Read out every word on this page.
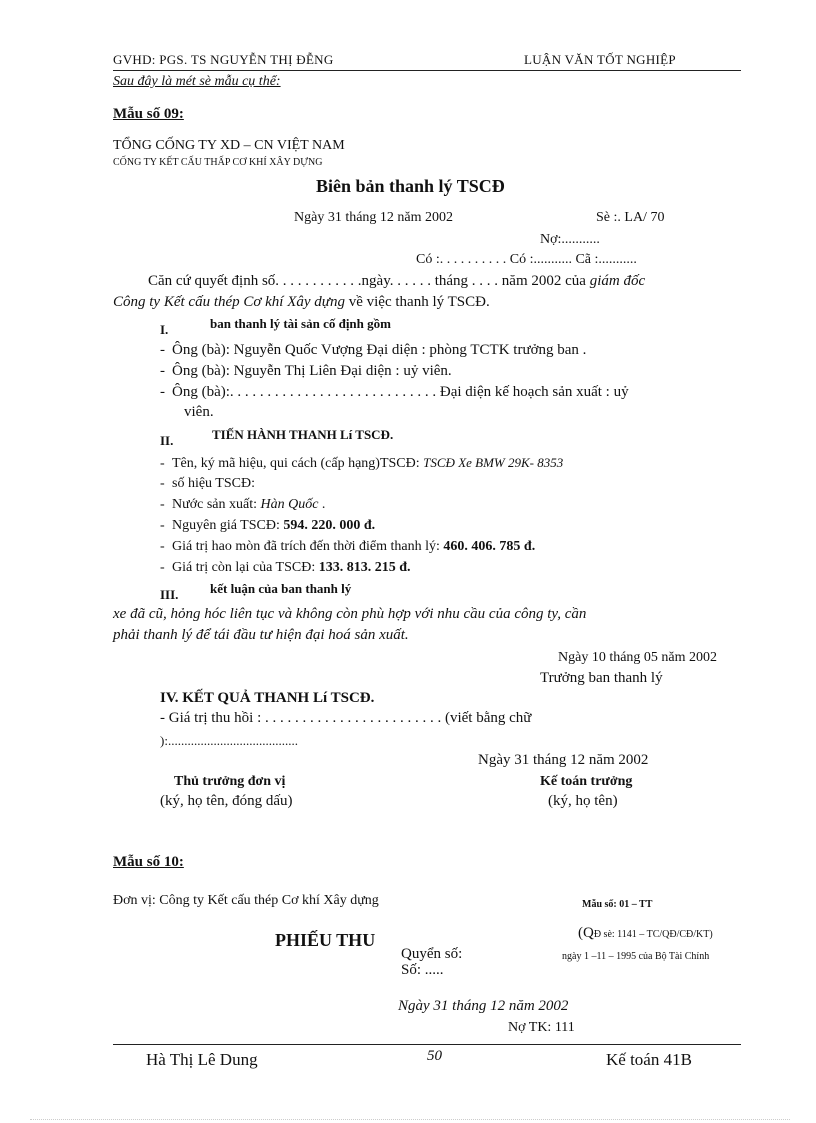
GVHD: PGS. TS NGUYỄN THỊ ĐỄNG	LUẬN VĂN TỐT NGHIỆP
Sau đây là mét sè mẫu cụ thể:
Mẫu số 09:
TỔNG CỐNG TY XD – CN VIỆT NAM
CỐNG TY KẾT CẤU THẤP CƠ KHÍ XÂY DỰNG
Biên bản thanh lý TSCĐ
Ngày 31 tháng 12 năm 2002	Sè :. LA/ 70
Nợ:...........
Có :. . . . . . . . . . Có :........... Cã :...........
Căn cứ quyết định số. . . . . . . . . . . .ngày. . . . . . tháng . . . . năm 2002 của giám đốc
Công ty Kết cấu thép Cơ khí Xây dựng về việc thanh lý TSCĐ.
I.	ban thanh lý tài sản cố định gồm
- Ông (bà): Nguyễn Quốc Vượng Đại diện : phòng TCTK trưởng ban .
- Ông (bà): Nguyễn Thị Liên Đại diện : uỷ viên.
- Ông (bà):. . . . . . . . . . . . . . . . . . . . . . . . . . . . Đại diện kế hoạch sản xuất : uỷ
viên.
II.	TIẾN HÀNH THANH Lí TSCĐ.
- Tên, ký mã hiệu, qui cách (cấp hạng)TSCĐ: TSCĐ Xe BMW 29K- 8353
- số hiệu TSCĐ:
- Nước sản xuất: Hàn Quốc .
- Nguyên giá TSCĐ: 594. 220. 000 đ.
- Giá trị hao mòn đã trích đến thời điểm thanh lý: 460. 406. 785 đ.
- Giá trị còn lại của TSCĐ: 133. 813. 215 đ.
III. kết luận của ban thanh lý
xe đã cũ, hỏng hóc liên tục và không còn phù hợp với nhu cầu của công ty, cần
phải thanh lý để tái đầu tư hiện đại hoá sản xuất.
Ngày 10 tháng 05 năm 2002
Trưởng ban thanh lý
IV. KẾT QUẢ THANH Lí TSCĐ.
- Giá trị thu hồi : . . . . . . . . . . . . . . . . . . . . . . . . (viết bằng chữ
):........................................
Ngày 31 tháng 12 năm 2002
Thủ trưởng đơn vị
(ký, họ tên, đóng dấu)
Kế toán trưởng
(ký, họ tên)
Mẫu số 10:
Đơn vị: Công ty Kết cấu thép Cơ khí Xây dựng	Mẫu số: 01 – TT
(QĐ sè: 1141 – TC/QĐ/CĐ/KT)
ngày 1 –11 – 1995 của Bộ Tài Chính
PHIẾU THU
Quyển số:
Số: .....
Ngày 31 tháng 12 năm 2002
Nợ TK: 111
Hà Thị Lê Dung	50	Kế toán 41B
